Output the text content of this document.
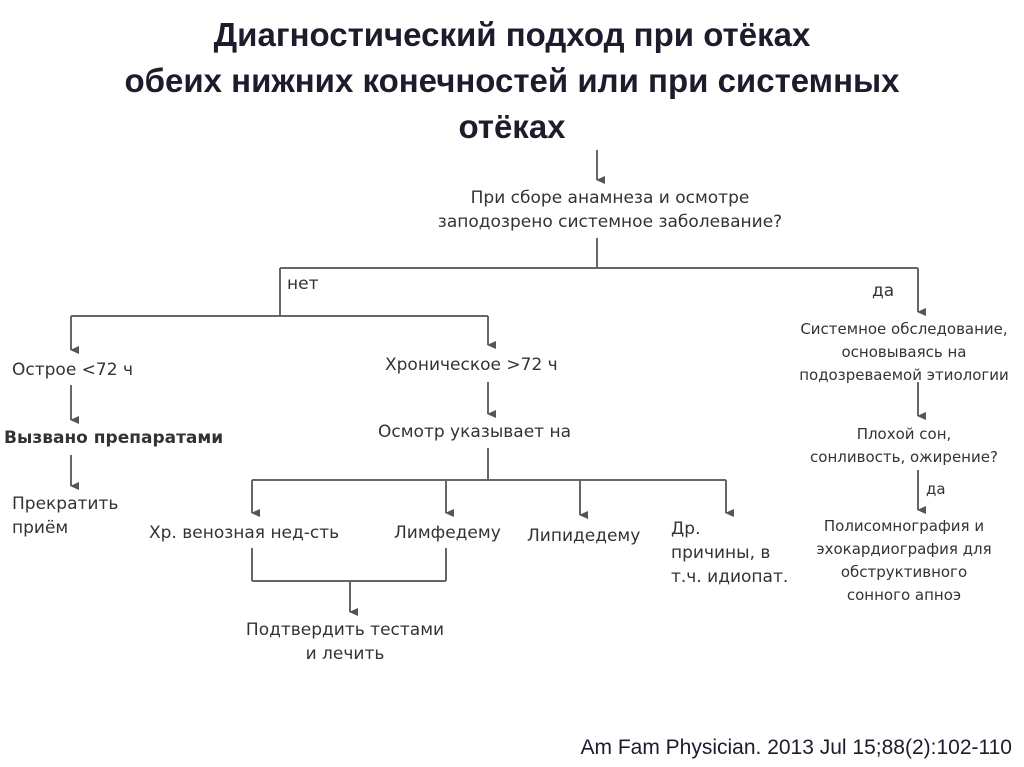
Диагностический подход при отёках
обеих нижних конечностей или при системных
отёках
При сборе анамнеза и осмотре
заподозрено системное заболевание?
нет	да
Острое <72 ч	Хроническое >72 ч
Вызвано препаратами
Прекратить
приём
Осмотр указывает на
Хр. венозная нед-сть	Лимфедему Липидедему Др.
причины, в
т.ч. идиопат.
Подтвердить тестами
и лечить
Системное обследование,
основываясь на
подозреваемой этиологии
Плохой сон,
сонливость, ожирение?
да
Полисомнография и
эхокардиография для
обструктивного
сонного апноэ
Am Fam Physician. 2013 Jul 15;88(2):102-110
